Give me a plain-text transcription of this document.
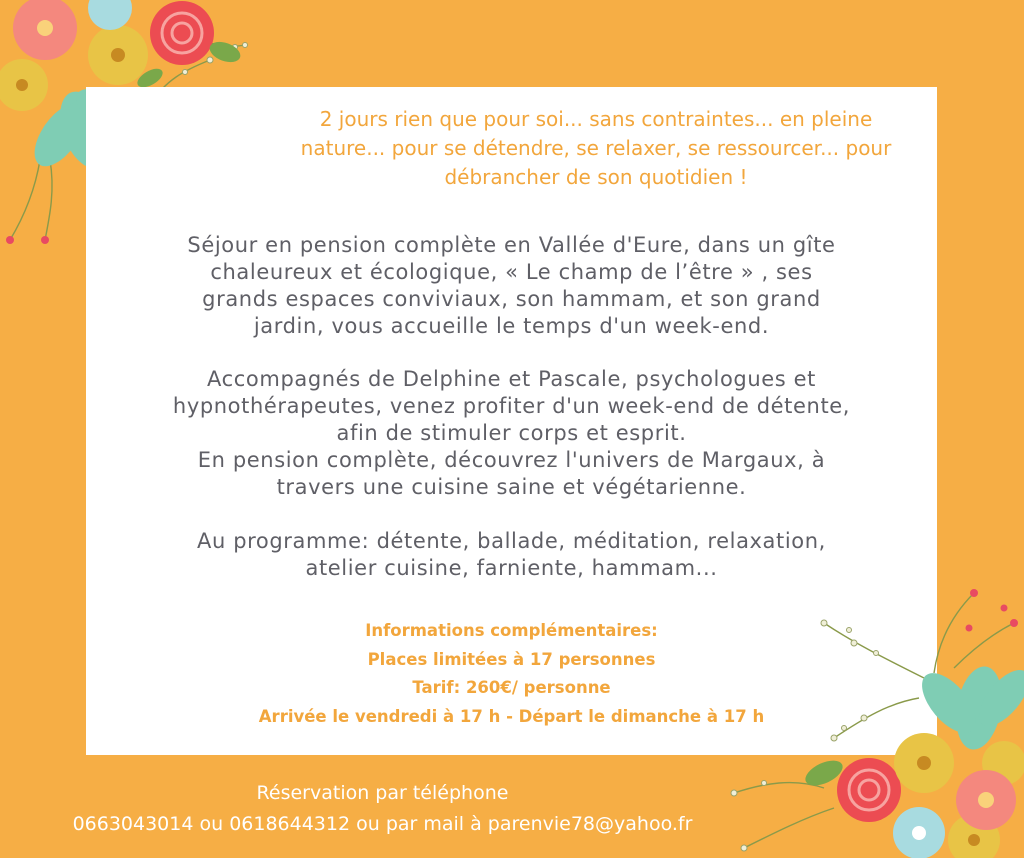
2 jours rien que pour soi... sans contraintes... en pleine

nature... pour se détendre, se relaxer, se ressourcer... pour

débrancher de son quotidien !

Séjour en pension complète en Vallée d'Eure, dans un gîte

chaleureux et écologique, « Le champ de l’être » , ses

grands espaces conviviaux, son hammam, et son grand

jardin, vous accueille le temps d'un week-end.

Accompagnés de Delphine et Pascale, psychologues et

hypnothérapeutes, venez profiter d'un week-end de détente,

afin de stimuler corps et esprit.

En pension complète, découvrez l'univers de Margaux, à

travers une cuisine saine et végétarienne.

Au programme: détente, ballade, méditation, relaxation,

atelier cuisine, farniente, hammam...

Informations complémentaires:

Places limitées à 17 personnes

Tarif: 260€/ personne

Arrivée le vendredi à 17 h - Départ le dimanche à 17 h

Réservation par téléphone

0663043014 ou 0618644312 ou par mail à parenvie78@yahoo.fr
